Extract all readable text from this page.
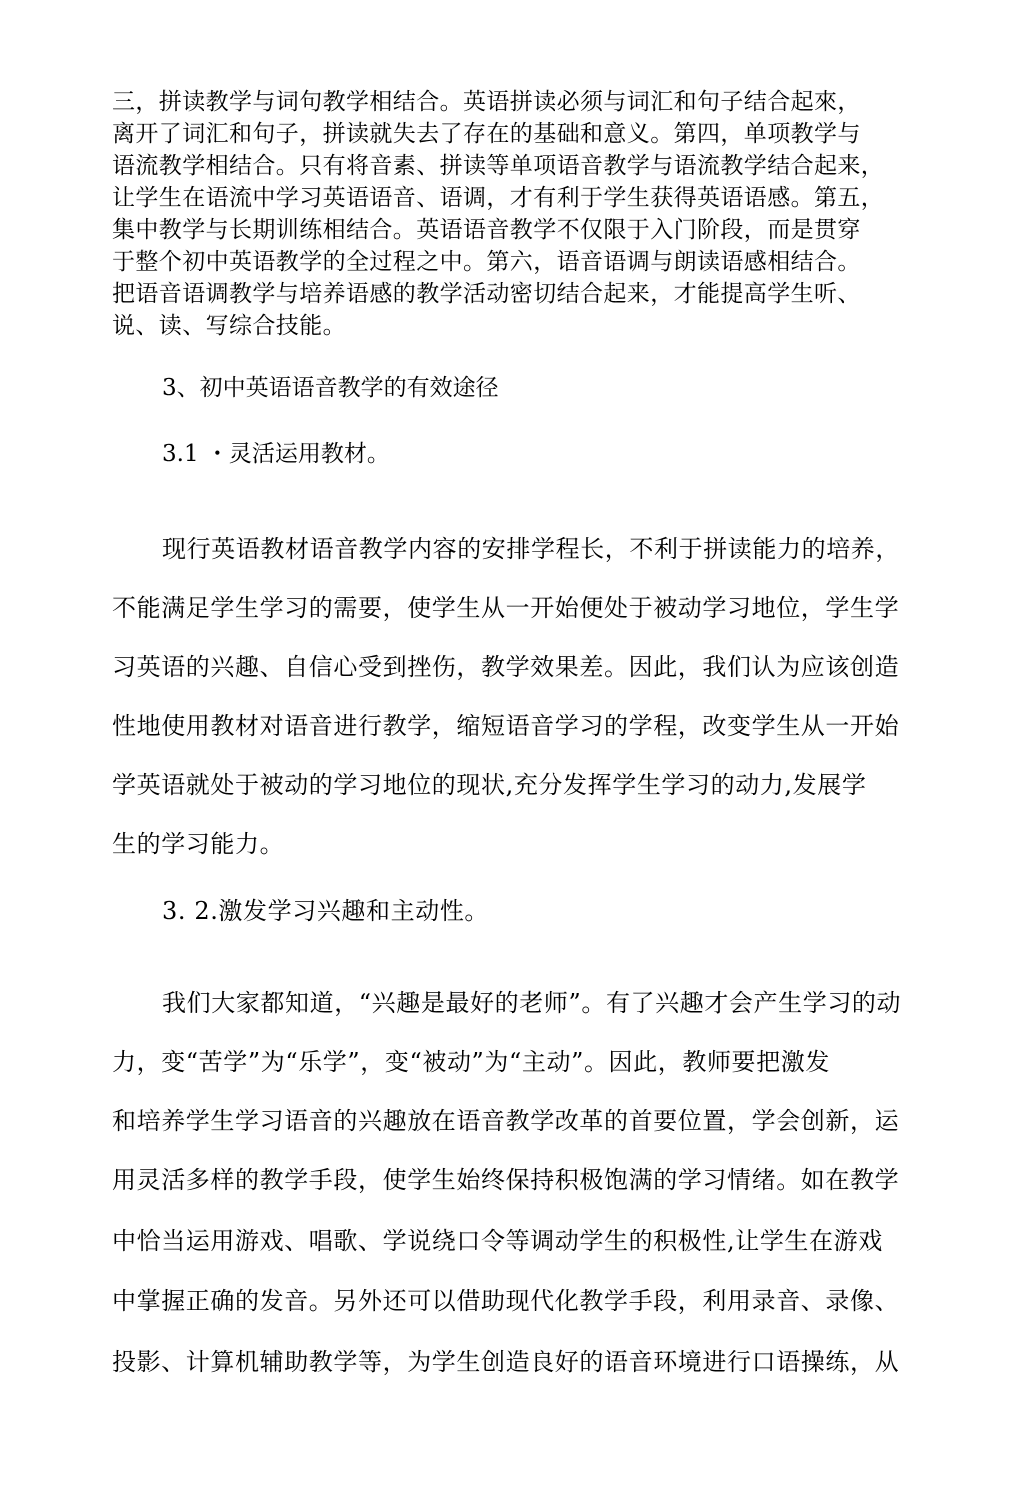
三，拼读教学与词句教学相结合。英语拼读必须与词汇和句子结合起來，
离开了词汇和句子，拼读就失去了存在的基础和意义。第四，单项教学与
语流教学相结合。只有将音素、拼读等单项语音教学与语流教学结合起来，
让学生在语流中学习英语语音、语调，才有利于学生获得英语语感。第五，
集中教学与长期训练相结合。英语语音教学不仅限于入门阶段，而是贯穿
于整个初中英语教学的全过程之中。第六，语音语调与朗读语感相结合。
把语音语调教学与培养语感的教学活动密切结合起来，才能提高学生听、
说、读、写综合技能。
3、初中英语语音教学的有效途径
3.1 ・灵活运用教材。
现行英语教材语音教学内容的安排学程长，不利于拼读能力的培养，
不能满足学生学习的需要，使学生从一开始便处于被动学习地位，学生学
习英语的兴趣、自信心受到挫伤，教学效果差。因此，我们认为应该创造
性地使用教材对语音进行教学，缩短语音学习的学程，改变学生从一开始
学英语就处于被动的学习地位的现状,充分发挥学生学习的动力,发展学
生的学习能力。
3. 2.激发学习兴趣和主动性。
我们大家都知道，“兴趣是最好的老师”。有了兴趣才会产生学习的动
力，变“苦学”为“乐学”，变“被动”为“主动”。因此，教师要把激发
和培养学生学习语音的兴趣放在语音教学改革的首要位置，学会创新，运
用灵活多样的教学手段，使学生始终保持积极饱满的学习情绪。如在教学
中恰当运用游戏、唱歌、学说绕口令等调动学生的积极性,让学生在游戏
中掌握正确的发音。另外还可以借助现代化教学手段，利用录音、录像、
投影、计算机辅助教学等，为学生创造良好的语音环境进行口语操练，从
